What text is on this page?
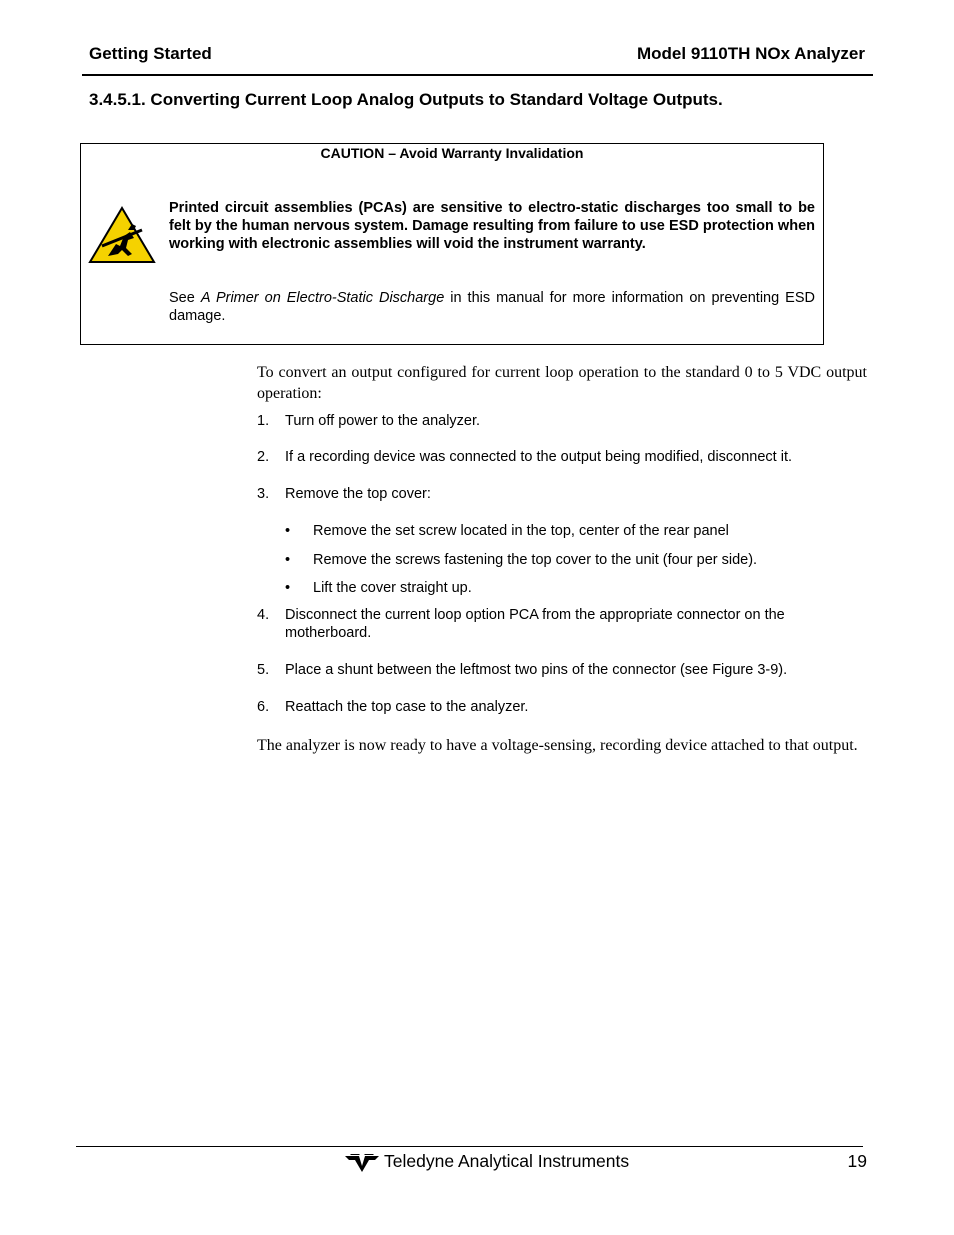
Getting Started	Model 9110TH NOx Analyzer
3.4.5.1. Converting Current Loop Analog Outputs to Standard Voltage Outputs.
CAUTION – Avoid Warranty Invalidation
Printed circuit assemblies (PCAs) are sensitive to electro-static discharges too small to be felt by the human nervous system. Damage resulting from failure to use ESD protection when working with electronic assemblies will void the instrument warranty.
See A Primer on Electro-Static Discharge in this manual for more information on preventing ESD damage.
To convert an output configured for current loop operation to the standard 0 to 5 VDC output operation:
1. Turn off power to the analyzer.
2. If a recording device was connected to the output being modified, disconnect it.
3. Remove the top cover:
• Remove the set screw located in the top, center of the rear panel
• Remove the screws fastening the top cover to the unit (four per side).
• Lift the cover straight up.
4. Disconnect the current loop option PCA from the appropriate connector on the motherboard.
5. Place a shunt between the leftmost two pins of the connector (see Figure 3-9).
6. Reattach the top case to the analyzer.
The analyzer is now ready to have a voltage-sensing, recording device attached to that output.
Teledyne Analytical Instruments	19
